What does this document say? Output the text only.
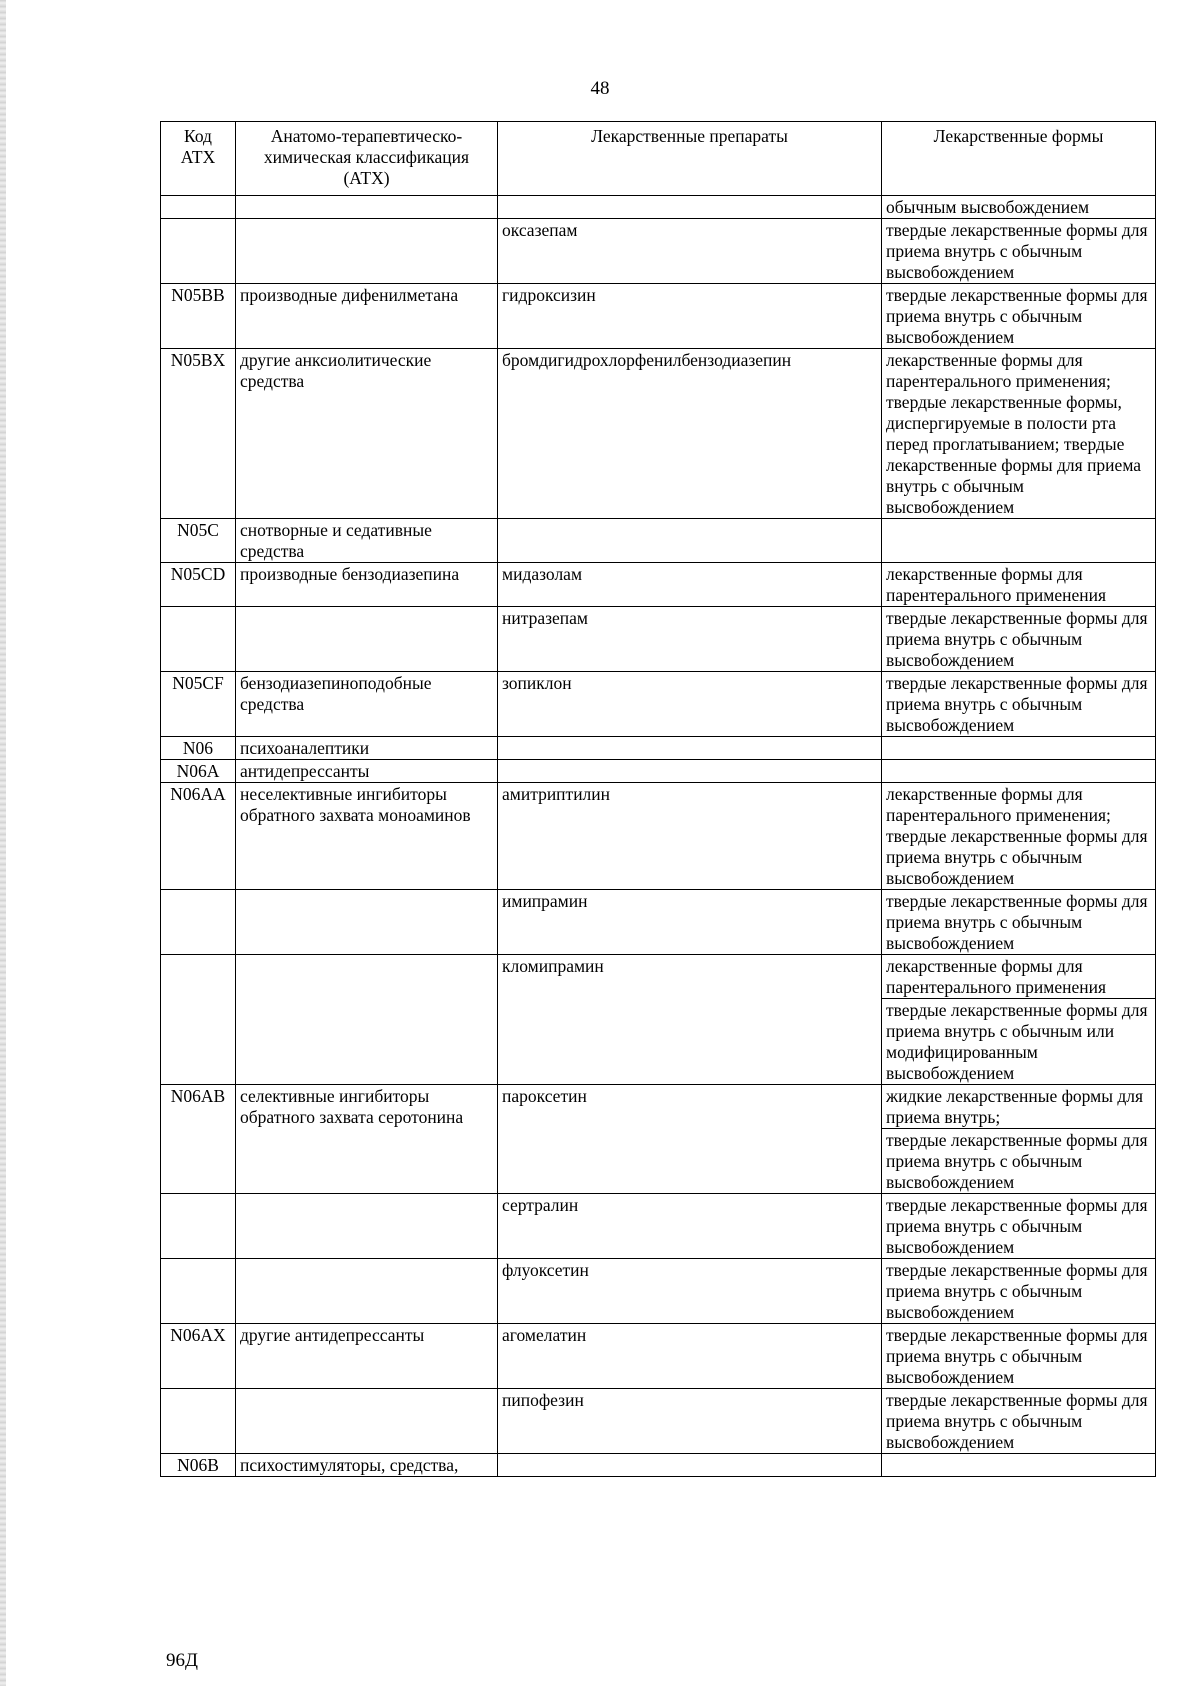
48
Код АТХ	Анатомо-терапевтическо-химическая классификация (АТХ)	Лекарственные препараты	Лекарственные формы
			обычным высвобождением
		оксазепам	твердые лекарственные формы для приема внутрь с обычным высвобождением
N05BB	производные дифенилметана	гидроксизин	твердые лекарственные формы для приема внутрь с обычным высвобождением
N05BX	другие анксиолитические средства	бромдигидрохлорфенилбензодиазепин	лекарственные формы для парентерального применения; твердые лекарственные формы, диспергируемые в полости рта перед проглатыванием; твердые лекарственные формы для приема внутрь с обычным высвобождением
N05C	снотворные и седативные средства		
N05CD	производные бензодиазепина	мидазолам	лекарственные формы для парентерального применения
		нитразепам	твердые лекарственные формы для приема внутрь с обычным высвобождением
N05CF	бензодиазепиноподобные средства	зопиклон	твердые лекарственные формы для приема внутрь с обычным высвобождением
N06	психоаналептики		
N06A	антидепрессанты		
N06AA	неселективные ингибиторы обратного захвата моноаминов	амитриптилин	лекарственные формы для парентерального применения; твердые лекарственные формы для приема внутрь с обычным высвобождением
		имипрамин	твердые лекарственные формы для приема внутрь с обычным высвобождением
		кломипрамин	лекарственные формы для парентерального применения
			твердые лекарственные формы для приема внутрь с обычным или модифицированным высвобождением
N06AB	селективные ингибиторы обратного захвата серотонина	пароксетин	жидкие лекарственные формы для приема внутрь;
			твердые лекарственные формы для приема внутрь с обычным высвобождением
		сертралин	твердые лекарственные формы для приема внутрь с обычным высвобождением
		флуоксетин	твердые лекарственные формы для приема внутрь с обычным высвобождением
N06AX	другие антидепрессанты	агомелатин	твердые лекарственные формы для приема внутрь с обычным высвобождением
		пипофезин	твердые лекарственные формы для приема внутрь с обычным высвобождением
N06B	психостимуляторы, средства,		
96Д
